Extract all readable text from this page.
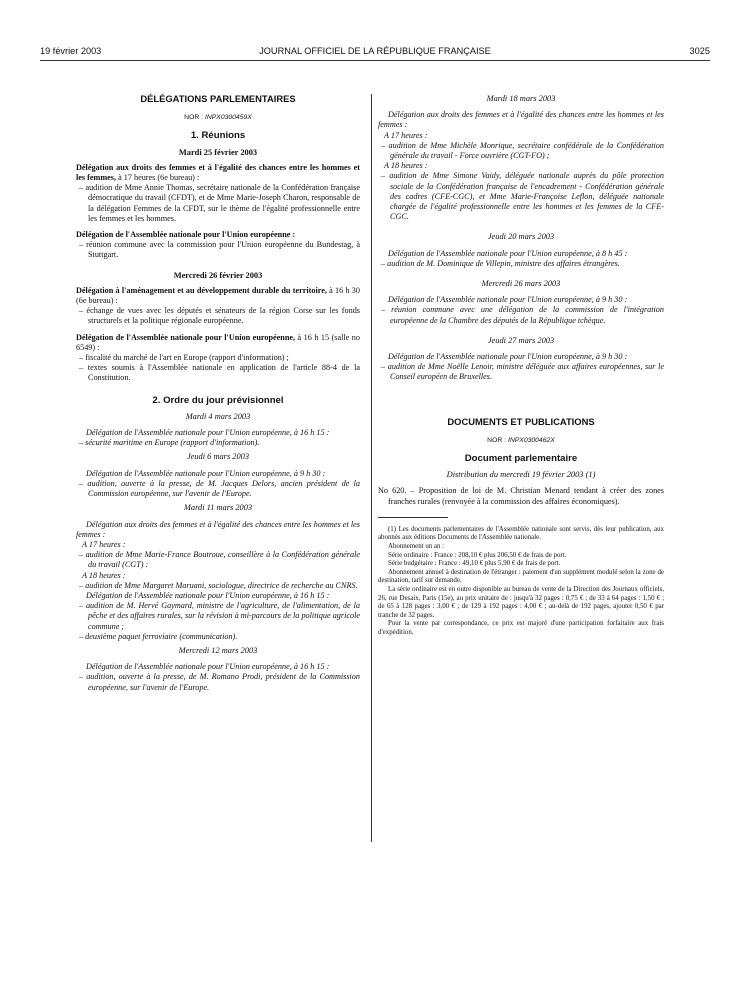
19 février 2003	JOURNAL OFFICIEL DE LA RÉPUBLIQUE FRANÇAISE	3025
DÉLÉGATIONS PARLEMENTAIRES
NOR : INPX0300459X
1. Réunions
Mardi 25 février 2003

Délégation aux droits des femmes et à l'égalité des chances entre les hommes et les femmes, à 17 heures (6e bureau) :

– audition de Mme Annie Thomas, secrétaire nationale de la Confédération française démocratique du travail (CFDT), et de Mme Marie-Joseph Charon, responsable de la délégation Femmes de la CFDT, sur le thème de l'égalité professionnelle entre les femmes et les hommes.

Délégation de l'Assemblée nationale pour l'Union européenne :

– réunion commune avec la commission pour l'Union européenne du Bundestag, à Stuttgart.

Mercredi 26 février 2003

Délégation à l'aménagement et au développement durable du territoire, à 16 h 30 (6e bureau) :

– échange de vues avec les députés et sénateurs de la région Corse sur les fonds structurels et la politique régionale européenne.

Délégation de l'Assemblée nationale pour l'Union européenne, à 16 h 15 (salle no 6549) :

– fiscalité du marché de l'art en Europe (rapport d'information) ;

– textes soumis à l'Assemblée nationale en application de l'article 88-4 de la Constitution.

2. Ordre du jour prévisionnel
Mardi 4 mars 2003

Délégation de l'Assemblée nationale pour l'Union européenne, à 16 h 15 :

– sécurité maritime en Europe (rapport d'information).

Jeudi 6 mars 2003

Délégation de l'Assemblée nationale pour l'Union européenne, à 9 h 30 :

– audition, ouverte à la presse, de M. Jacques Delors, ancien président de la Commission européenne, sur l'avenir de l'Europe.

Mardi 11 mars 2003

Délégation aux droits des femmes et à l'égalité des chances entre les hommes et les femmes :

A 17 heures :

– audition de Mme Marie-France Boutroue, conseillère à la Confédération générale du travail (CGT) :

A 18 heures :

– audition de Mme Margaret Maruani, sociologue, directrice de recherche au CNRS.

Délégation de l'Assemblée nationale pour l'Union européenne, à 16 h 15 :

– audition de M. Hervé Gaymard, ministre de l'agriculture, de l'alimentation, de la pêche et des affaires rurales, sur la révision à mi-parcours de la politique agricole commune ;

– deuxième paquet ferroviaire (communication).

Mercredi 12 mars 2003

Délégation de l'Assemblée nationale pour l'Union européenne, à 16 h 15 :

– audition, ouverte à la presse, de M. Romano Prodi, président de la Commission européenne, sur l'avenir de l'Europe.

Mardi 18 mars 2003

Délégation aux droits des femmes et à l'égalité des chances entre les hommes et les femmes :

A 17 heures :

– audition de Mme Michèle Monrique, secrétaire confédérale de la Confédération générale du travail - Force ouvrière (CGT-FO) ;

A 18 heures :

– audition de Mme Simone Vaidy, déléguée nationale auprès du pôle protection sociale de la Confédération française de l'encadrement - Confédération générale des cadres (CFE-CGC), et Mme Marie-Françoise Leflon, déléguée nationale chargée de l'égalité professionnelle entre les hommes et les femmes de la CFE-CGC.

Jeudi 20 mars 2003

Délégation de l'Assemblée nationale pour l'Union européenne, à 8 h 45 :

– audition de M. Dominique de Villepin, ministre des affaires étrangères.

Mercredi 26 mars 2003

Délégation de l'Assemblée nationale pour l'Union européenne, à 9 h 30 :

– réunion commune avec une délégation de la commission de l'intégration européenne de la Chambre des députés de la République tchèque.

Jeudi 27 mars 2003

Délégation de l'Assemblée nationale pour l'Union européenne, à 9 h 30 :

– audition de Mme Noëlle Lenoir, ministre déléguée aux affaires européennes, sur le Conseil européen de Bruxelles.

DOCUMENTS ET PUBLICATIONS
NOR : INPX0300462X
Document parlementaire
Distribution du mercredi 19 février 2003 (1)

No 620. – Proposition de loi de M. Christian Menard tendant à créer des zones franches rurales (renvoyée à la commission des affaires économiques).

(1) Les documents parlementaires de l'Assemblée nationale sont servis, dès leur publication, aux abonnés aux éditions Documents de l'Assemblée nationale.

Abonnement un an :

Série ordinaire : France : 208,10 € plus 206,50 € de frais de port.

Série budgétaire : France : 49,10 € plus 5,90 € de frais de port.

Abonnement annuel à destination de l'étranger : paiement d'un supplément modulé selon la zone de destination, tarif sur demande.

La série ordinaire est en outre disponible au bureau de vente de la Direction des Journaux officiels, 26, rue Desaix, Paris (15e), au prix unitaire de : jusqu'à 32 pages : 0,75 € ; de 33 à 64 pages : 1,50 € ; de 65 à 128 pages : 3,00 € ; de 129 à 192 pages : 4,00 € ; au-delà de 192 pages, ajouter 0,50 € par tranche de 32 pages.

Pour la vente par correspondance, ce prix est majoré d'une participation forfaitaire aux frais d'expédition.
